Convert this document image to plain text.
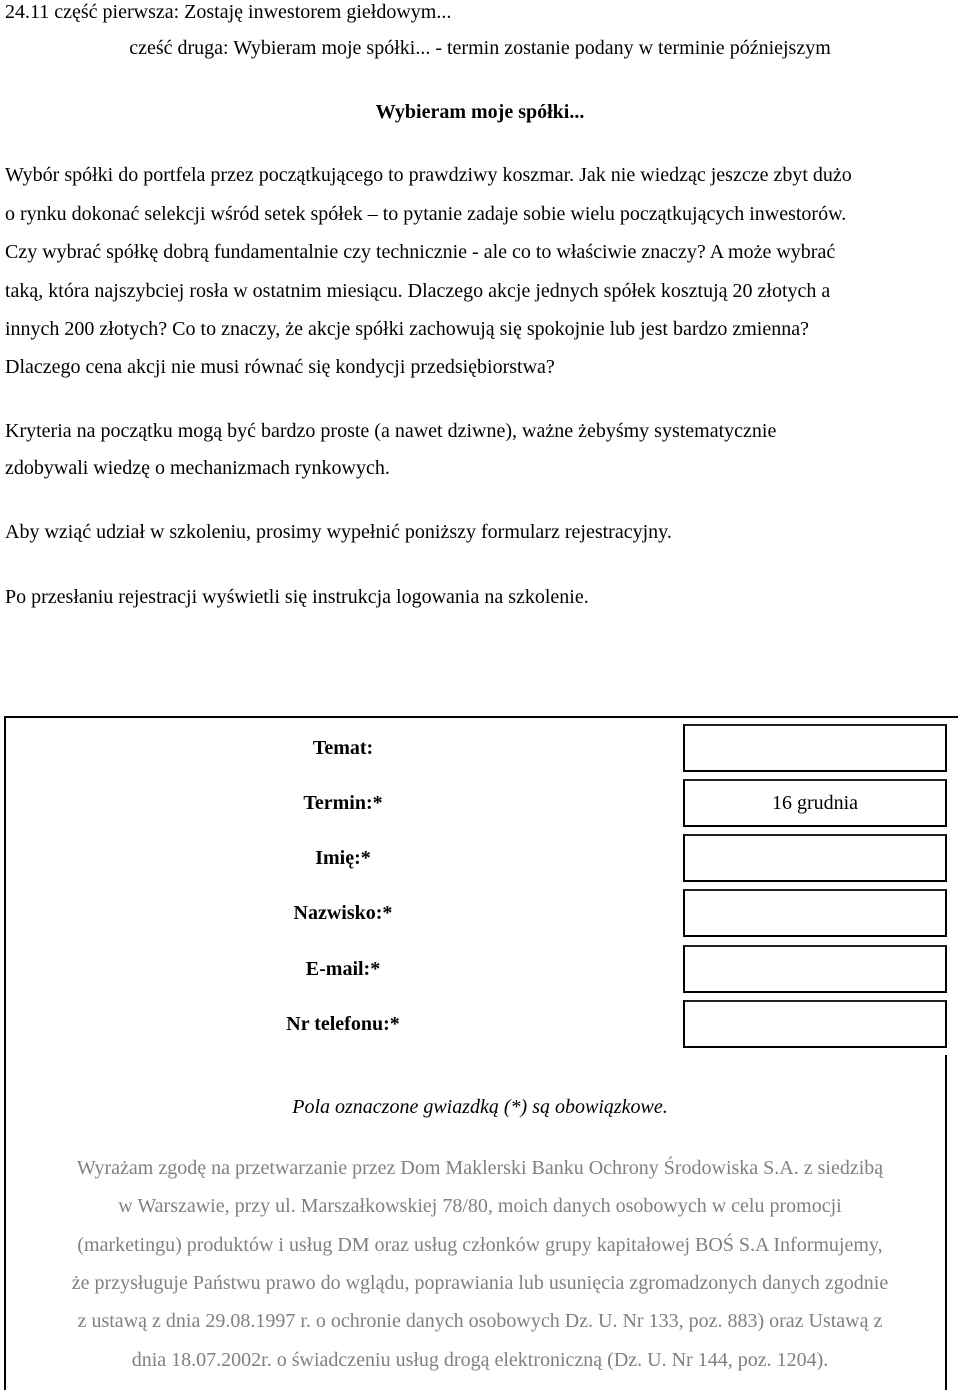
24.11 część pierwsza: Zostaję inwestorem giełdowym...
cześć druga: Wybieram moje spółki... - termin zostanie podany w terminie późniejszym
Wybieram moje spółki...
Wybór spółki do portfela przez początkującego to prawdziwy koszmar. Jak nie wiedząc jeszcze zbyt dużo
o rynku dokonać selekcji wśród setek spółek – to pytanie zadaje sobie wielu początkujących inwestorów.
Czy wybrać spółkę dobrą fundamentalnie czy technicznie - ale co to właściwie znaczy? A może wybrać
taką, która najszybciej rosła w ostatnim miesiącu. Dlaczego akcje jednych spółek kosztują 20 złotych a
innych 200 złotych? Co to znaczy, że akcje spółki zachowują się spokojnie lub jest bardzo zmienna?
Dlaczego cena akcji nie musi równać się kondycji przedsiębiorstwa?
Kryteria na początku mogą być bardzo proste (a nawet dziwne), ważne żebyśmy systematycznie
zdobywali wiedzę o mechanizmach rynkowych.
Aby wziąć udział w szkoleniu, prosimy wypełnić poniższy formularz rejestracyjny.
Po przesłaniu rejestracji wyświetli się instrukcja logowania na szkolenie.
Temat:
Termin:*
16 grudnia
Imię:*
Nazwisko:*
E-mail:*
Nr telefonu:*
Pola oznaczone gwiazdką (*) są obowiązkowe.
Wyrażam zgodę na przetwarzanie przez Dom Maklerski Banku Ochrony Środowiska S.A. z siedzibą
w Warszawie, przy ul. Marszałkowskiej 78/80, moich danych osobowych w celu promocji
(marketingu) produktów i usług DM oraz usług członków grupy kapitałowej BOŚ S.A Informujemy,
że przysługuje Państwu prawo do wglądu, poprawiania lub usunięcia zgromadzonych danych zgodnie
z ustawą z dnia 29.08.1997 r. o ochronie danych osobowych Dz. U. Nr 133, poz. 883) oraz Ustawą z
dnia 18.07.2002r. o świadczeniu usług drogą elektroniczną (Dz. U. Nr 144, poz. 1204).
